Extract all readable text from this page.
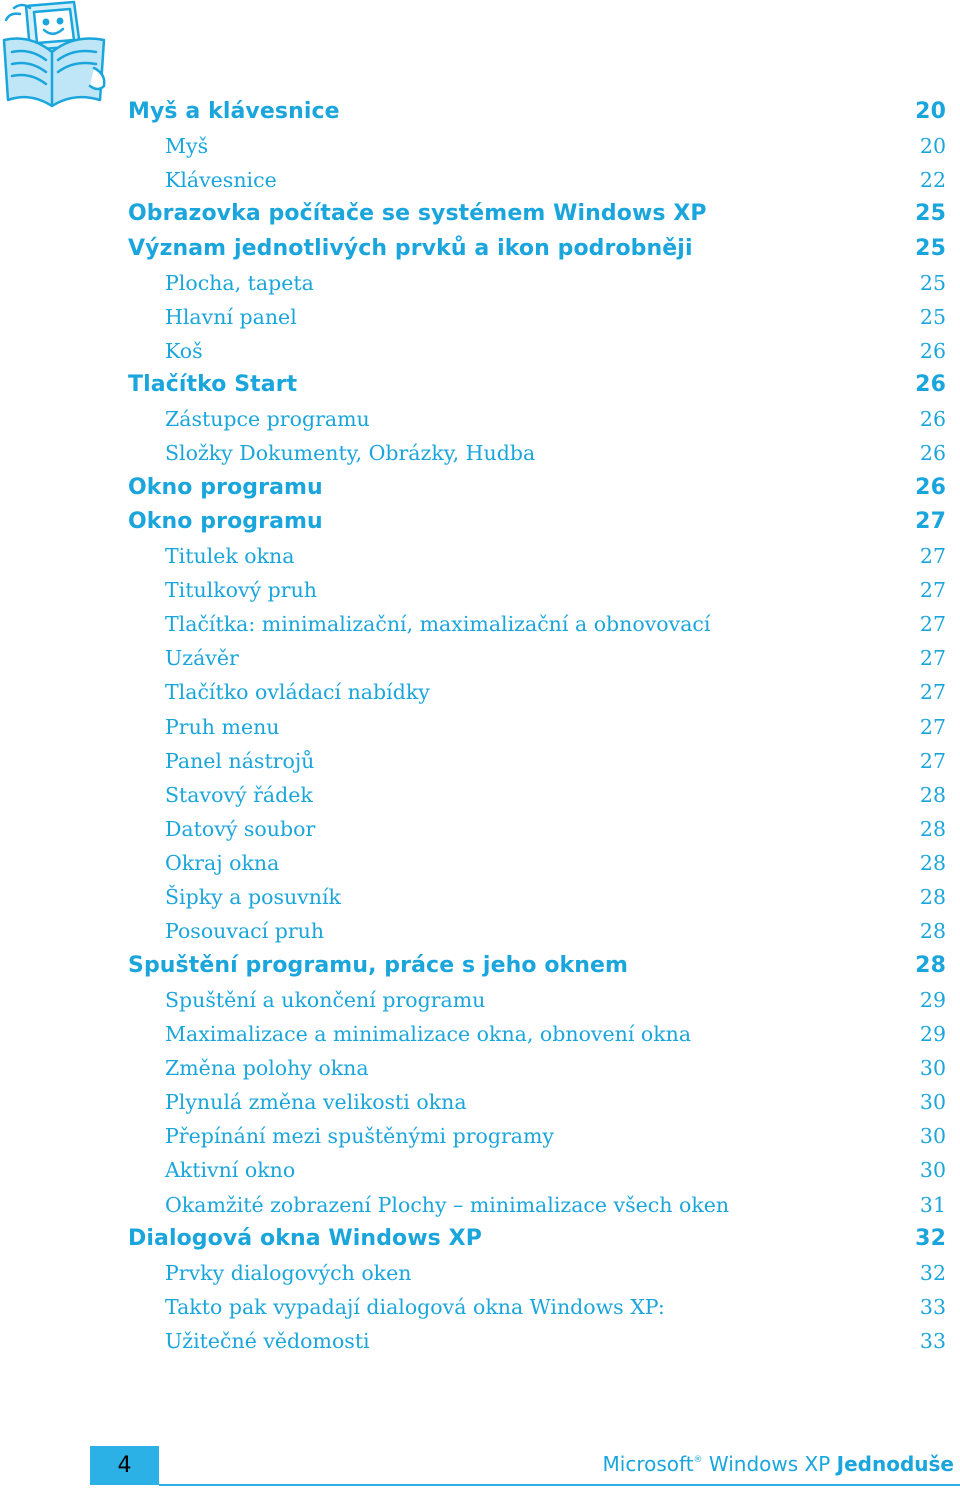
Myš a klávesnice	20
Myš	20
Klávesnice	22
Obrazovka počítače se systémem Windows XP	25
Význam jednotlivých prvků a ikon podrobněji	25
Plocha, tapeta	25
Hlavní panel	25
Koš	26
Tlačítko Start	26
Zástupce programu	26
Složky Dokumenty, Obrázky, Hudba	26
Okno programu	26
Okno programu	27
Titulek okna	27
Titulkový pruh	27
Tlačítka: minimalizační, maximalizační a obnovovací	27
Uzávěr	27
Tlačítko ovládací nabídky	27
Pruh menu	27
Panel nástrojů	27
Stavový řádek	28
Datový soubor	28
Okraj okna	28
Šipky a posuvník	28
Posouvací pruh	28
Spuštění programu, práce s jeho oknem	28
Spuštění a ukončení programu	29
Maximalizace a minimalizace okna, obnovení okna	29
Změna polohy okna	30
Plynulá změna velikosti okna	30
Přepínání mezi spuštěnými programy	30
Aktivní okno	30
Okamžité zobrazení Plochy – minimalizace všech oken	31
Dialogová okna Windows XP	32
Prvky dialogových oken	32
Takto pak vypadají dialogová okna Windows XP:	33
Užitečné vědomosti	33
4	Microsoft® Windows XP Jednoduše
